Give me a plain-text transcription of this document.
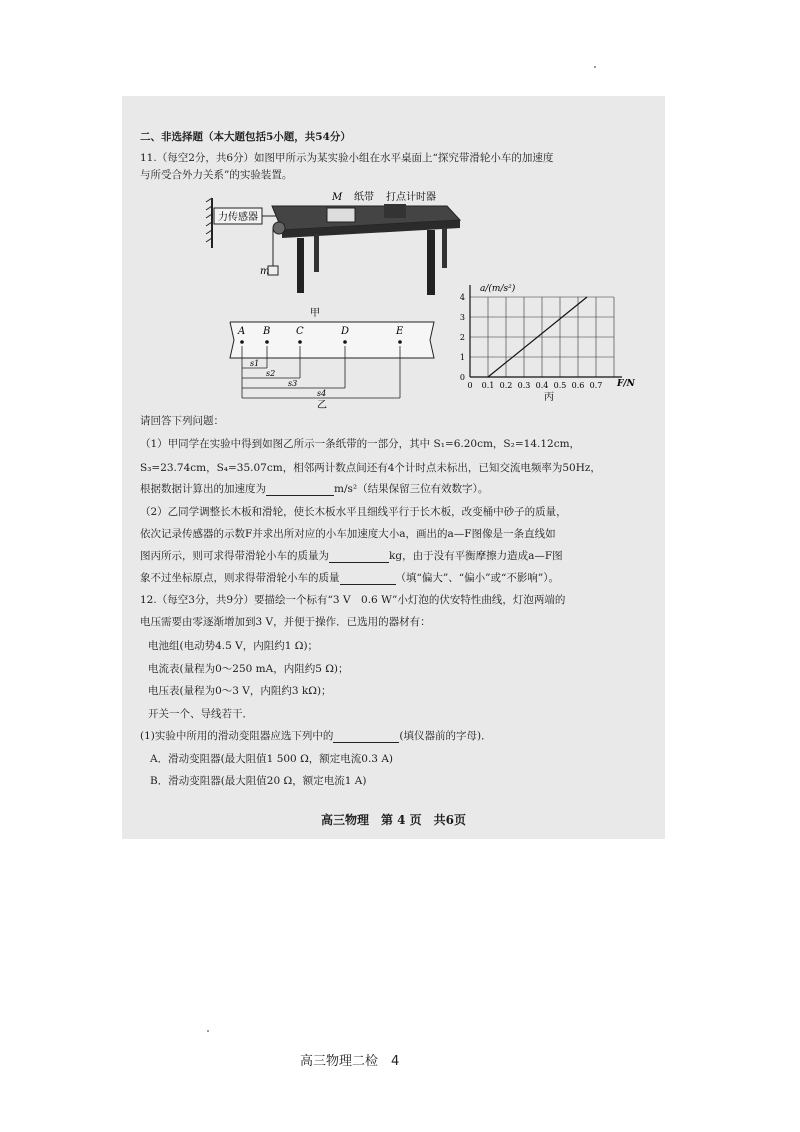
二、非选择题（本大题包括5小题，共54分）
11.（每空2分，共6分）如图甲所示为某实验小组在水平桌面上“探究带滑轮小车的加速度
与所受合外力关系”的实验装置。
力传感器
M 纸带 打点计时器
m
甲
A B	C	D	E
s1
s2
s3
s4
乙
a/(m/s²)
0 0.1 0.2 0.3 0.4 0.5 0.6 0.7
0
1
2
3
4
F/N
丙
请回答下列问题：
（1）甲同学在实验中得到如图乙所示一条纸带的一部分，其中 S₁=6.20cm，S₂=14.12cm，
S₃=23.74cm，S₄=35.07cm，相邻两计数点间还有4个计时点未标出，已知交流电频率为50Hz，
根据数据计算出的加速度为	m/s²（结果保留三位有效数字）。
（2）乙同学调整长木板和滑轮，使长木板水平且细线平行于长木板，改变桶中砂子的质量，
依次记录传感器的示数F并求出所对应的小车加速度大小a，画出的a—F图像是一条直线如
图丙所示，则可求得带滑轮小车的质量为	kg，由于没有平衡摩擦力造成a—F图
象不过坐标原点，则求得带滑轮小车的质量	（填“偏大”、“偏小”或“不影响”）。
12.（每空3分，共9分）要描绘一个标有“3 V　0.6 W”小灯泡的伏安特性曲线，灯泡两端的
电压需要由零逐渐增加到3 V，并便于操作．已选用的器材有：
电池组(电动势4.5 V，内阻约1 Ω)；
电流表(量程为0～250 mA，内阻约5 Ω)；
电压表(量程为0～3 V，内阻约3 kΩ)；
开关一个、导线若干．
(1)实验中所用的滑动变阻器应选下列中的	(填仪器前的字母)．
A．滑动变阻器(最大阻值1 500 Ω，额定电流0.3 A)
B．滑动变阻器(最大阻值20 Ω，额定电流1 A)
高三物理　第 4 页　共6页
高三物理二检　4
